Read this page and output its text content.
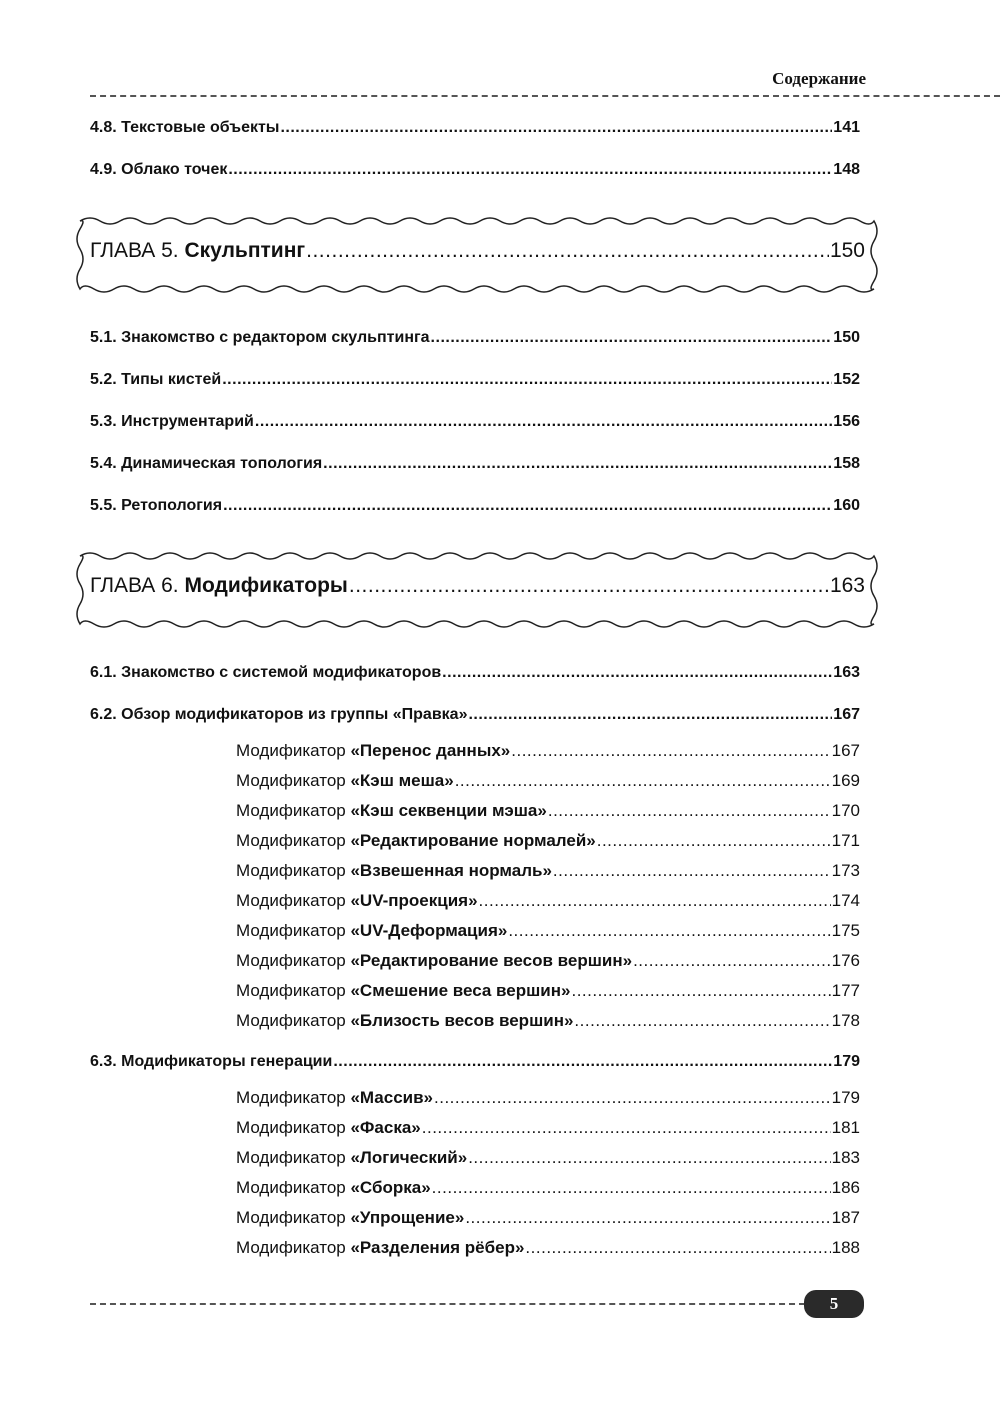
Содержание
4.8. Текстовые объекты .....	141
4.9. Облако точек .....	148
ГЛАВА 5. Скульптинг .....	150
5.1. Знакомство с редактором скульптинга .....	150
5.2. Типы кистей .....	152
5.3. Инструментарий .....	156
5.4. Динамическая топология .....	158
5.5. Ретопология .....	160
ГЛАВА 6. Модификаторы .....	163
6.1. Знакомство с системой модификаторов .....	163
6.2. Обзор модификаторов из группы «Правка» .....	167
Модификатор «Перенос данных» .....	167
Модификатор «Кэш меша» .....	169
Модификатор «Кэш секвенции мэша» .....	170
Модификатор «Редактирование нормалей» .....	171
Модификатор «Взвешенная нормаль» .....	173
Модификатор «UV-проекция» .....	174
Модификатор «UV-Деформация» .....	175
Модификатор «Редактирование весов вершин» .....	176
Модификатор «Смешение веса вершин» .....	177
Модификатор «Близость весов вершин» .....	178
6.3. Модификаторы генерации .....	179
Модификатор «Массив» .....	179
Модификатор «Фаска» .....	181
Модификатор «Логический» .....	183
Модификатор «Сборка» .....	186
Модификатор «Упрощение» .....	187
Модификатор «Разделения рёбер» .....	188
5
